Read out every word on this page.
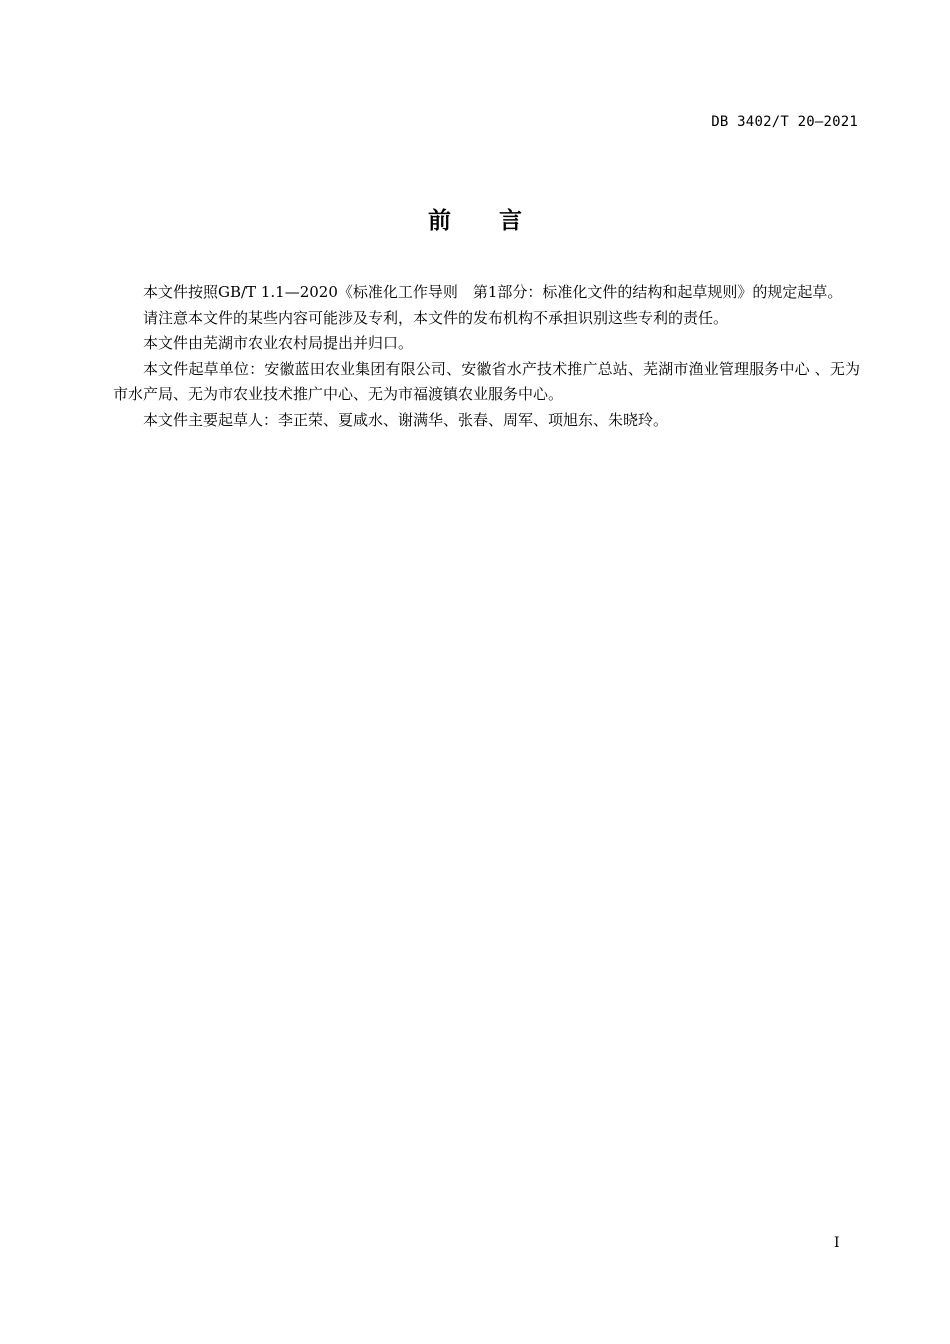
DB 3402/T 20—2021
前言

本文件按照GB/T 1.1—2020《标准化工作导则　第1部分：标准化文件的结构和起草规则》的规定起草。

请注意本文件的某些内容可能涉及专利，本文件的发布机构不承担识别这些专利的责任。

本文件由芜湖市农业农村局提出并归口。

本文件起草单位：安徽蓝田农业集团有限公司、安徽省水产技术推广总站、芜湖市渔业管理服务中心 、无为市水产局、无为市农业技术推广中心、无为市福渡镇农业服务中心。

本文件主要起草人：李正荣、夏咸水、谢满华、张春、周军、项旭东、朱晓玲。

I
